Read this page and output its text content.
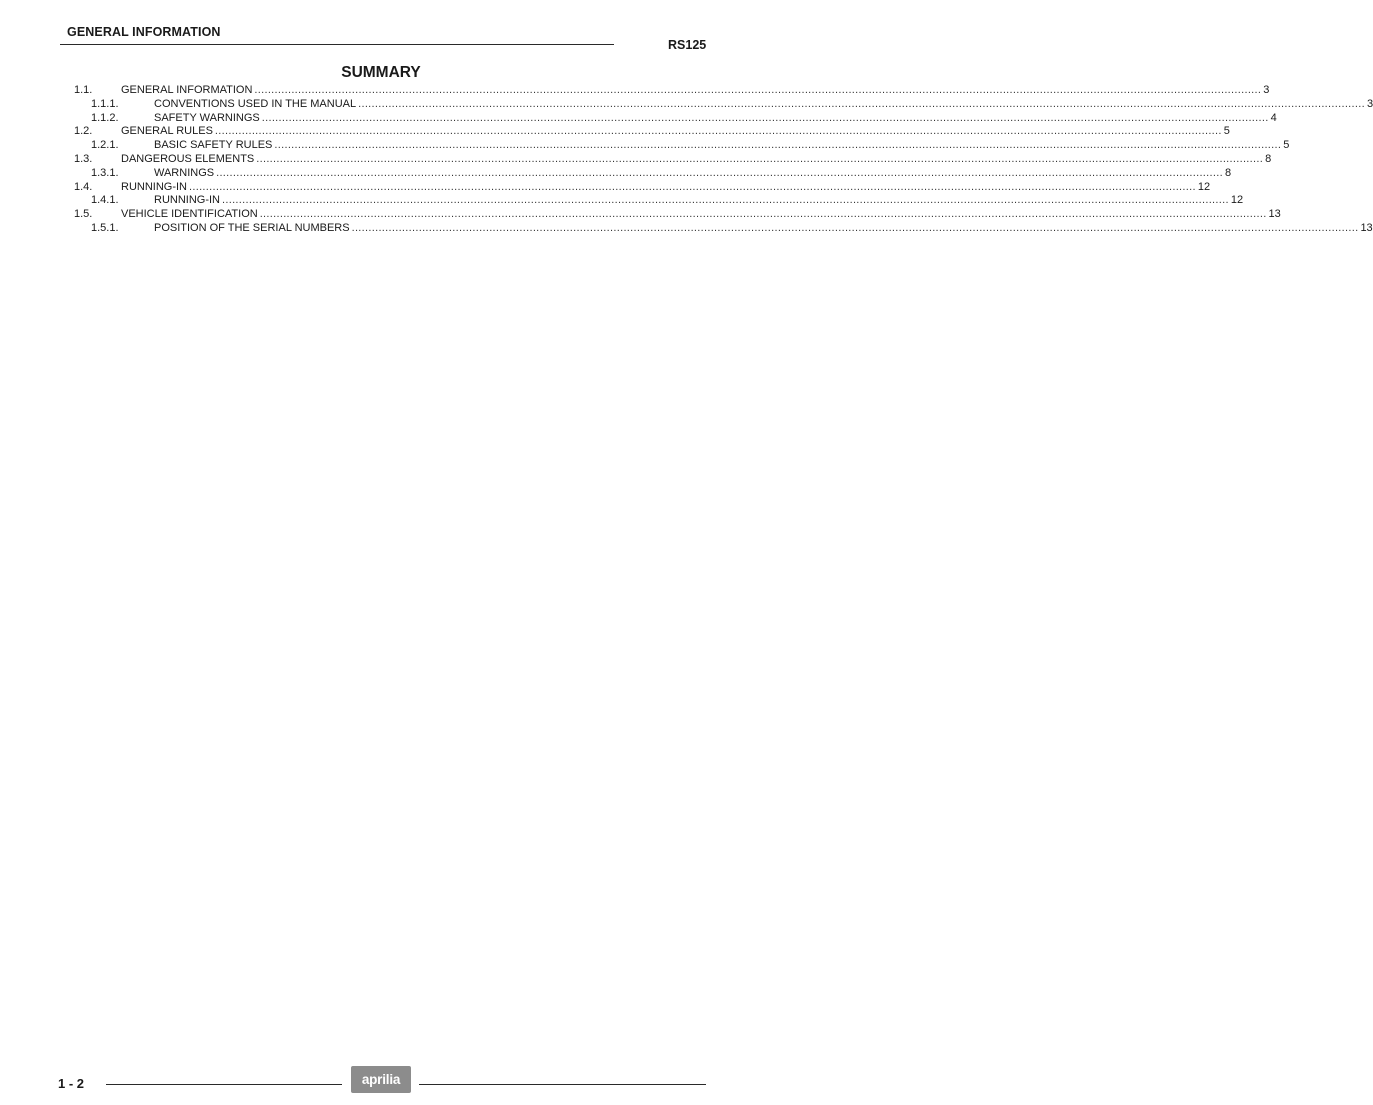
GENERAL INFORMATION
RS125
SUMMARY
1.1.	GENERAL INFORMATION ............................................................................................................................................................................................................................................................................................................ 3
1.1.1.	CONVENTIONS USED IN THE MANUAL ............................................................................................................................................................................................................................................................................................................ 3
1.1.2.	SAFETY WARNINGS ............................................................................................................................................................................................................................................................................................................ 4
1.2.	GENERAL RULES ............................................................................................................................................................................................................................................................................................................ 5
1.2.1.	BASIC SAFETY RULES ............................................................................................................................................................................................................................................................................................................ 5
1.3.	DANGEROUS ELEMENTS ............................................................................................................................................................................................................................................................................................................ 8
1.3.1.	WARNINGS ............................................................................................................................................................................................................................................................................................................ 8
1.4.	RUNNING-IN ............................................................................................................................................................................................................................................................................................................ 12
1.4.1.	RUNNING-IN ............................................................................................................................................................................................................................................................................................................ 12
1.5.	VEHICLE IDENTIFICATION ............................................................................................................................................................................................................................................................................................................ 13
1.5.1.	POSITION OF THE SERIAL NUMBERS ............................................................................................................................................................................................................................................................................................................ 13
1 - 2	aprilia
